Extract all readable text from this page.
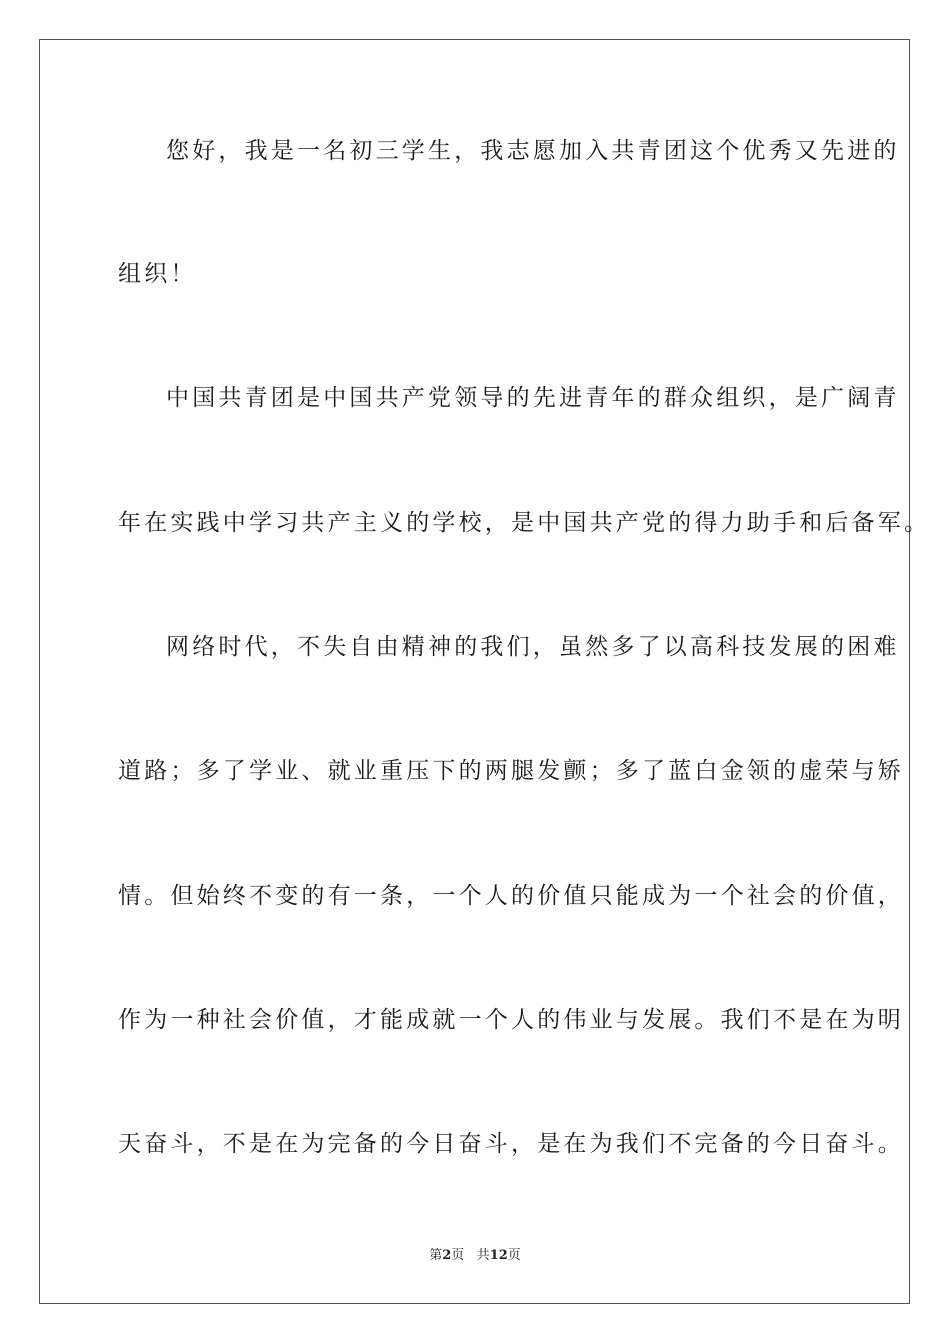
您好，我是一名初三学生，我志愿加入共青团这个优秀又先进的
组织！
中国共青团是中国共产党领导的先进青年的群众组织，是广阔青
年在实践中学习共产主义的学校，是中国共产党的得力助手和后备军。
网络时代，不失自由精神的我们，虽然多了以高科技发展的困难
道路；多了学业、就业重压下的两腿发颤；多了蓝白金领的虚荣与矫
情。但始终不变的有一条，一个人的价值只能成为一个社会的价值，
作为一种社会价值，才能成就一个人的伟业与发展。我们不是在为明
天奋斗，不是在为完备的今日奋斗，是在为我们不完备的今日奋斗。
第2页 共12页
